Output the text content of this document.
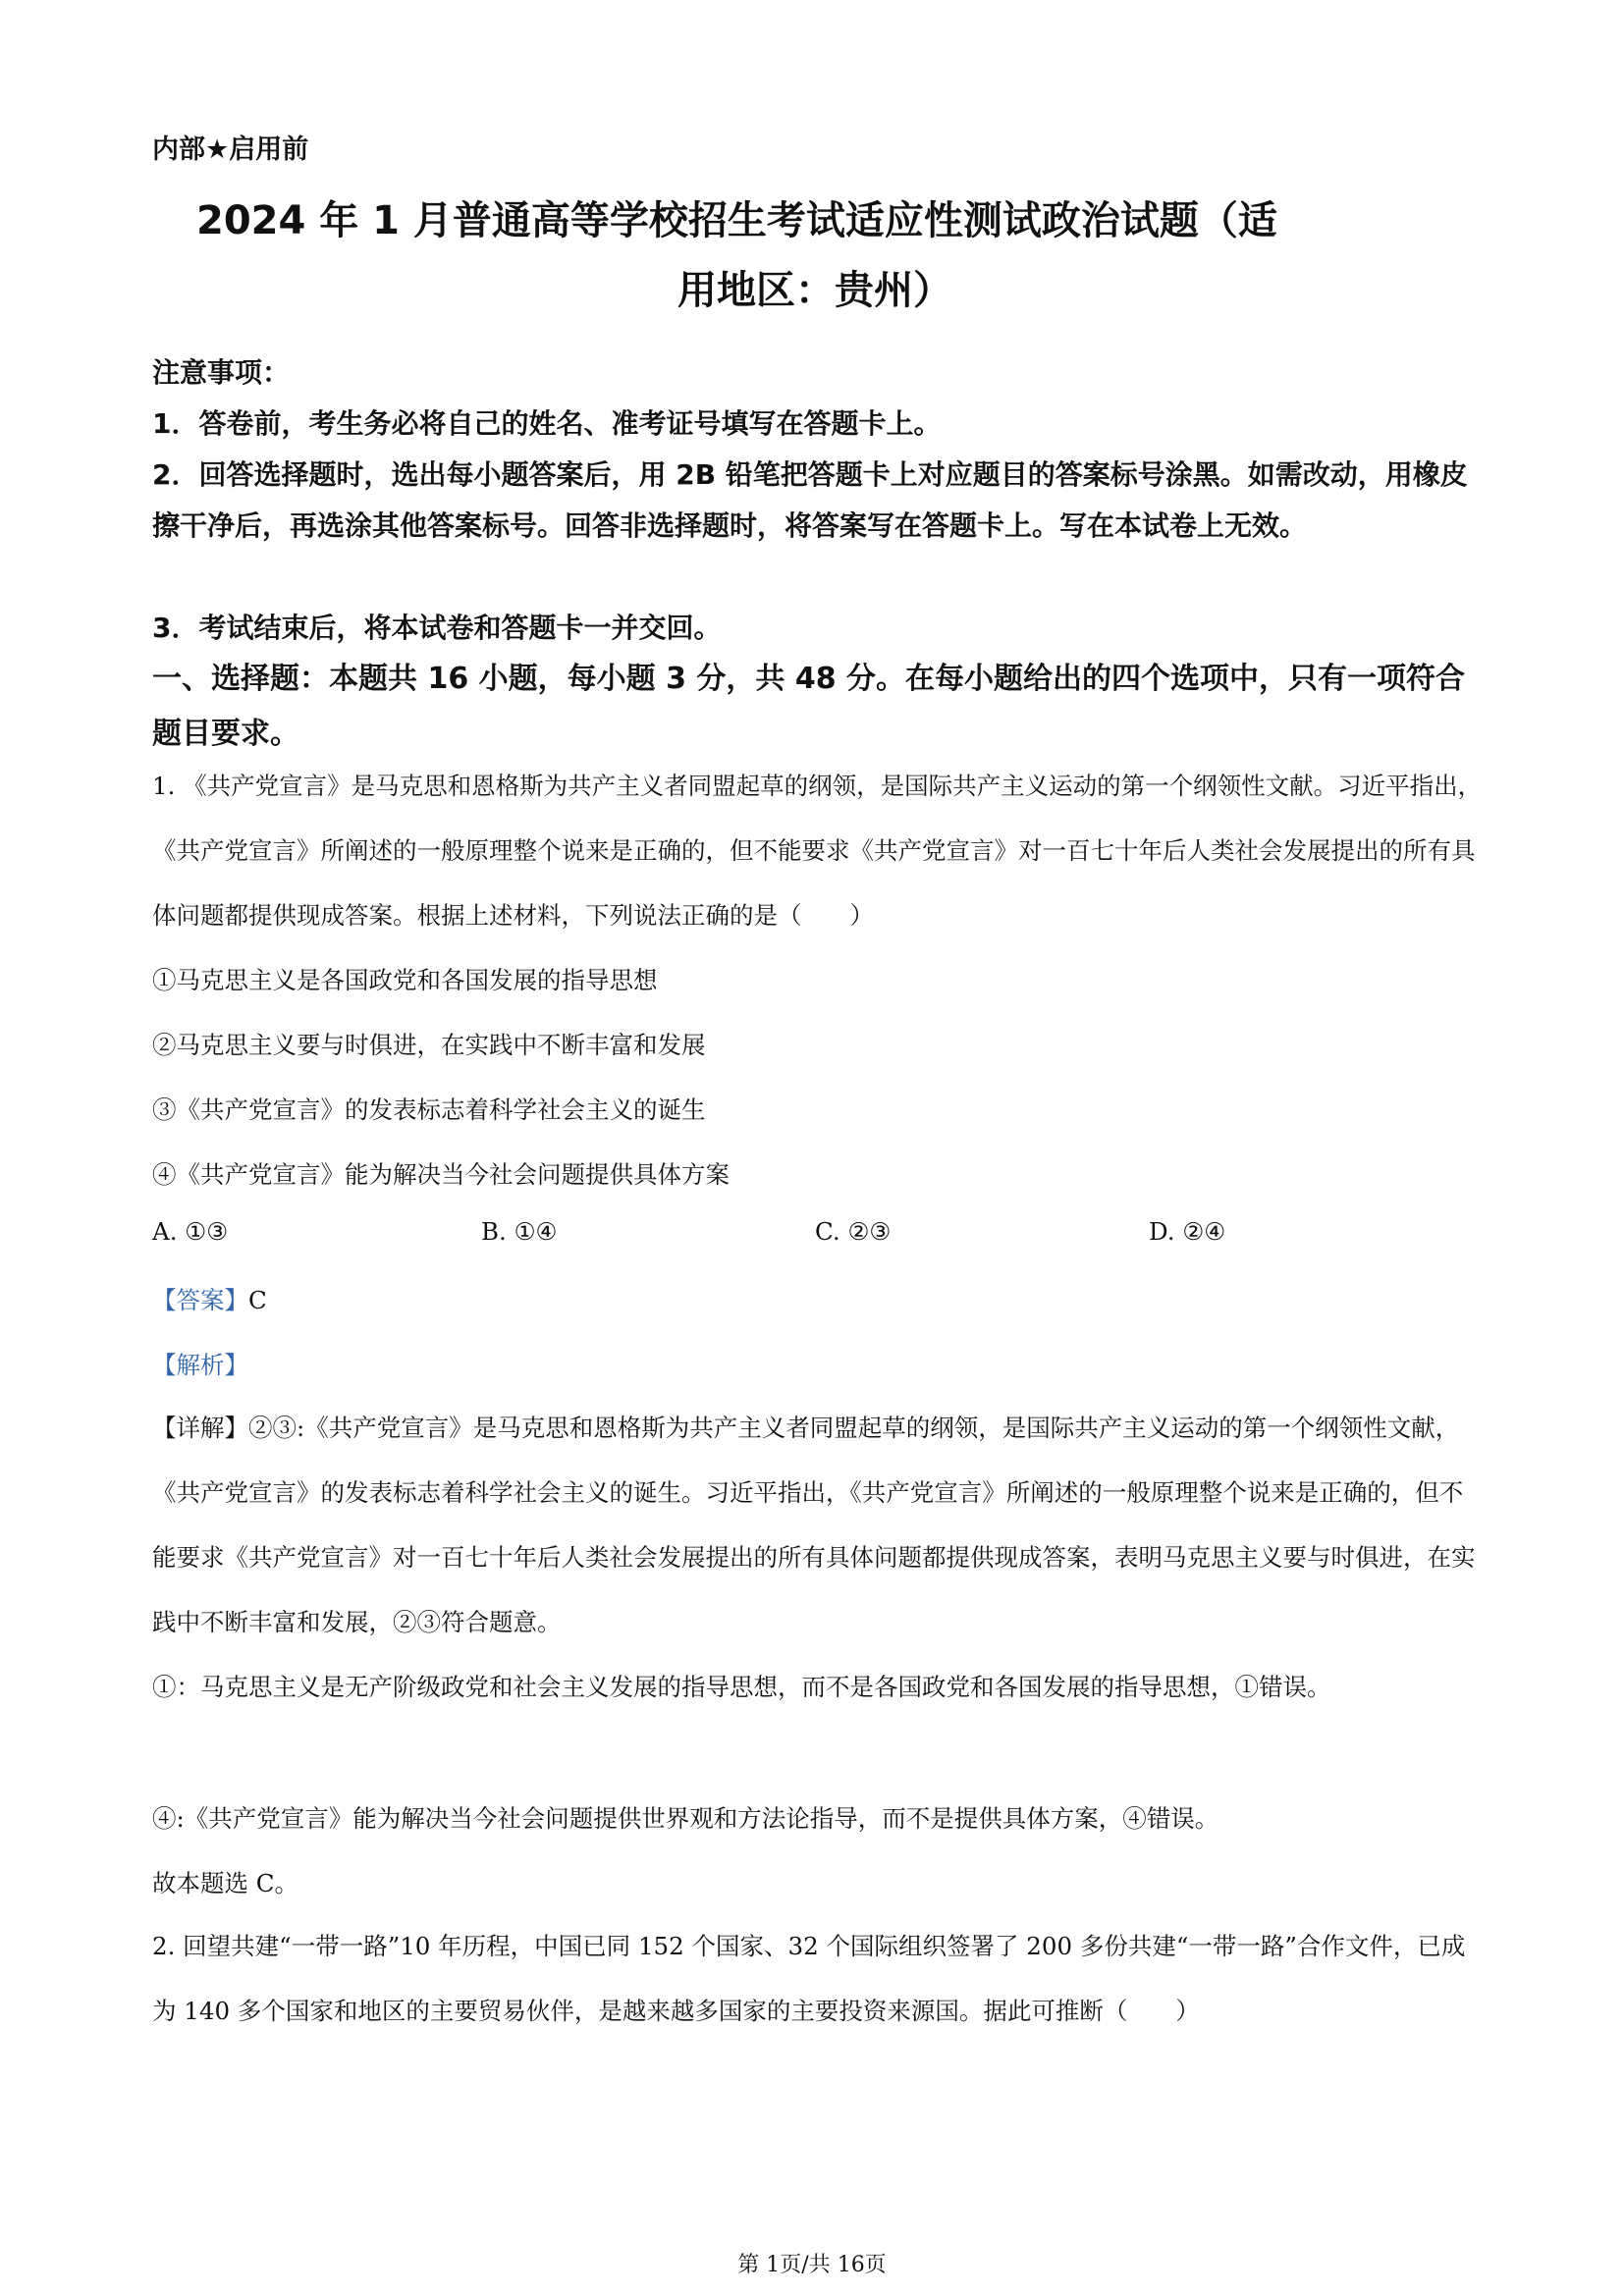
内部★启用前
2024 年 1 月普通高等学校招生考试适应性测试政治试题（适
用地区：贵州）
注意事项：
1．答卷前，考生务必将自己的姓名、准考证号填写在答题卡上。
2．回答选择题时，选出每小题答案后，用 2B 铅笔把答题卡上对应题目的答案标号涂黑。如需改动，用橡皮擦干净后，再选涂其他答案标号。回答非选择题时，将答案写在答题卡上。写在本试卷上无效。
3．考试结束后，将本试卷和答题卡一并交回。
一、选择题：本题共 16 小题，每小题 3 分，共 48 分。在每小题给出的四个选项中，只有一项符合题目要求。
1. 《共产党宣言》是马克思和恩格斯为共产主义者同盟起草的纲领，是国际共产主义运动的第一个纲领性文献。习近平指出，《共产党宣言》所阐述的一般原理整个说来是正确的，但不能要求《共产党宣言》对一百七十年后人类社会发展提出的所有具体问题都提供现成答案。根据上述材料，下列说法正确的是（　　）
①马克思主义是各国政党和各国发展的指导思想
②马克思主义要与时俱进，在实践中不断丰富和发展
③《共产党宣言》的发表标志着科学社会主义的诞生
④《共产党宣言》能为解决当今社会问题提供具体方案
A. ①③	B. ①④	C. ②③	D. ②④
【答案】C
【解析】
【详解】②③:《共产党宣言》是马克思和恩格斯为共产主义者同盟起草的纲领，是国际共产主义运动的第一个纲领性文献，《共产党宣言》的发表标志着科学社会主义的诞生。习近平指出，《共产党宣言》所阐述的一般原理整个说来是正确的，但不能要求《共产党宣言》对一百七十年后人类社会发展提出的所有具体问题都提供现成答案，表明马克思主义要与时俱进，在实践中不断丰富和发展，②③符合题意。
①：马克思主义是无产阶级政党和社会主义发展的指导思想，而不是各国政党和各国发展的指导思想，①错误。
④:《共产党宣言》能为解决当今社会问题提供世界观和方法论指导，而不是提供具体方案，④错误。
故本题选 C。
2. 回望共建“一带一路”10 年历程，中国已同 152 个国家、32 个国际组织签署了 200 多份共建“一带一路”合作文件，已成为 140 多个国家和地区的主要贸易伙伴，是越来越多国家的主要投资来源国。据此可推断（　　）
第 1页/共 16页
